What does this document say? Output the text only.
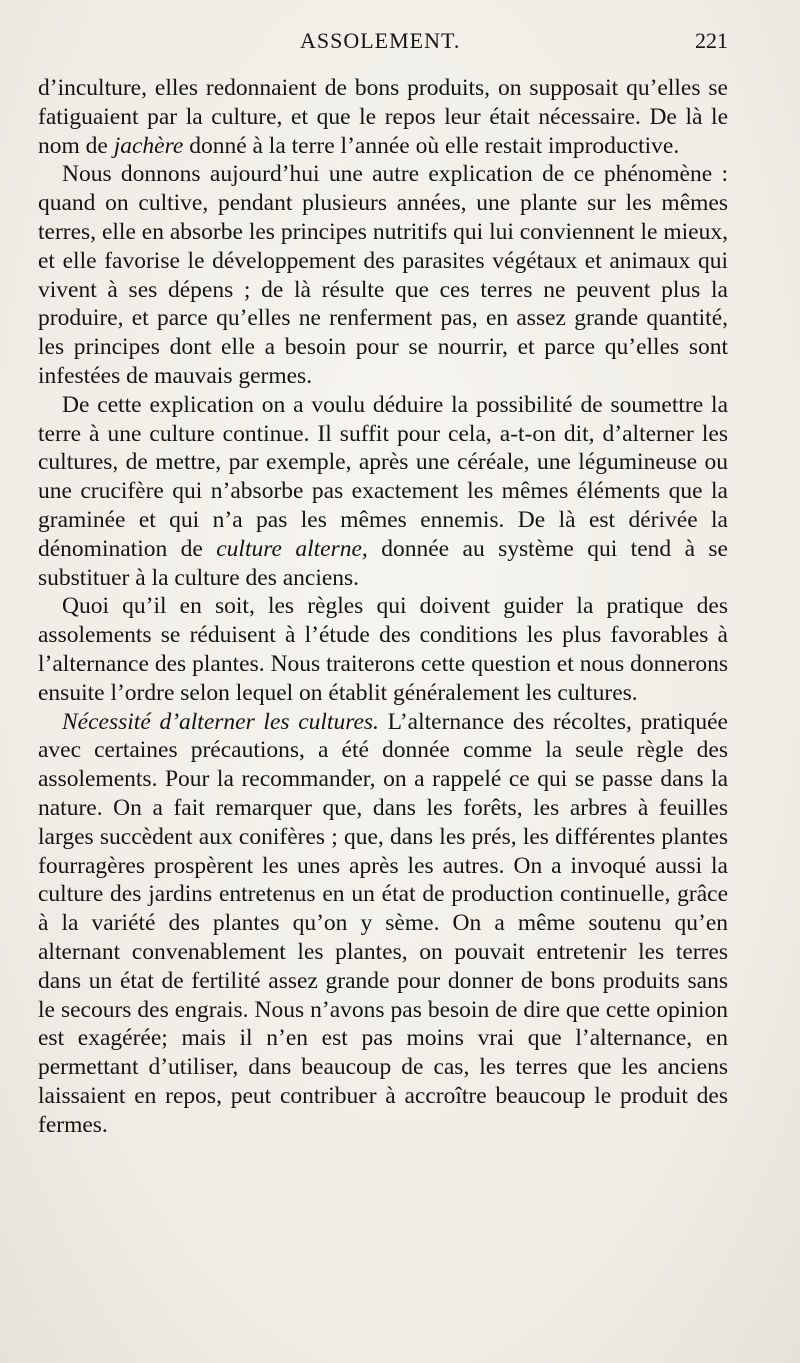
ASSOLEMENT.	221

d’inculture, elles redonnaient de bons produits, on supposait qu’elles se fatiguaient par la culture, et que le repos leur était nécessaire. De là le nom de jachère donné à la terre l’année où elle restait improductive.

Nous donnons aujourd’hui une autre explication de ce phénomène : quand on cultive, pendant plusieurs années, une plante sur les mêmes terres, elle en absorbe les principes nutritifs qui lui conviennent le mieux, et elle favorise le développement des parasites végétaux et animaux qui vivent à ses dépens ; de là résulte que ces terres ne peuvent plus la produire, et parce qu’elles ne renferment pas, en assez grande quantité, les principes dont elle a besoin pour se nourrir, et parce qu’elles sont infestées de mauvais germes.

De cette explication on a voulu déduire la possibilité de soumettre la terre à une culture continue. Il suffit pour cela, a-t-on dit, d’alterner les cultures, de mettre, par exemple, après une céréale, une légumineuse ou une crucifère qui n’absorbe pas exactement les mêmes éléments que la graminée et qui n’a pas les mêmes ennemis. De là est dérivée la dénomination de culture alterne, donnée au système qui tend à se substituer à la culture des anciens.

Quoi qu’il en soit, les règles qui doivent guider la pratique des assolements se réduisent à l’étude des conditions les plus favorables à l’alternance des plantes. Nous traiterons cette question et nous donnerons ensuite l’ordre selon lequel on établit généralement les cultures.

Nécessité d’alterner les cultures. L’alternance des récoltes, pratiquée avec certaines précautions, a été donnée comme la seule règle des assolements. Pour la recommander, on a rappelé ce qui se passe dans la nature. On a fait remarquer que, dans les forêts, les arbres à feuilles larges succèdent aux conifères ; que, dans les prés, les différentes plantes fourragères prospèrent les unes après les autres. On a invoqué aussi la culture des jardins entretenus en un état de production continuelle, grâce à la variété des plantes qu’on y sème. On a même soutenu qu’en alternant convenablement les plantes, on pouvait entretenir les terres dans un état de fertilité assez grande pour donner de bons produits sans le secours des engrais. Nous n’avons pas besoin de dire que cette opinion est exagérée; mais il n’en est pas moins vrai que l’alternance, en permettant d’utiliser, dans beaucoup de cas, les terres que les anciens laissaient en repos, peut contribuer à accroître beaucoup le produit des fermes.
